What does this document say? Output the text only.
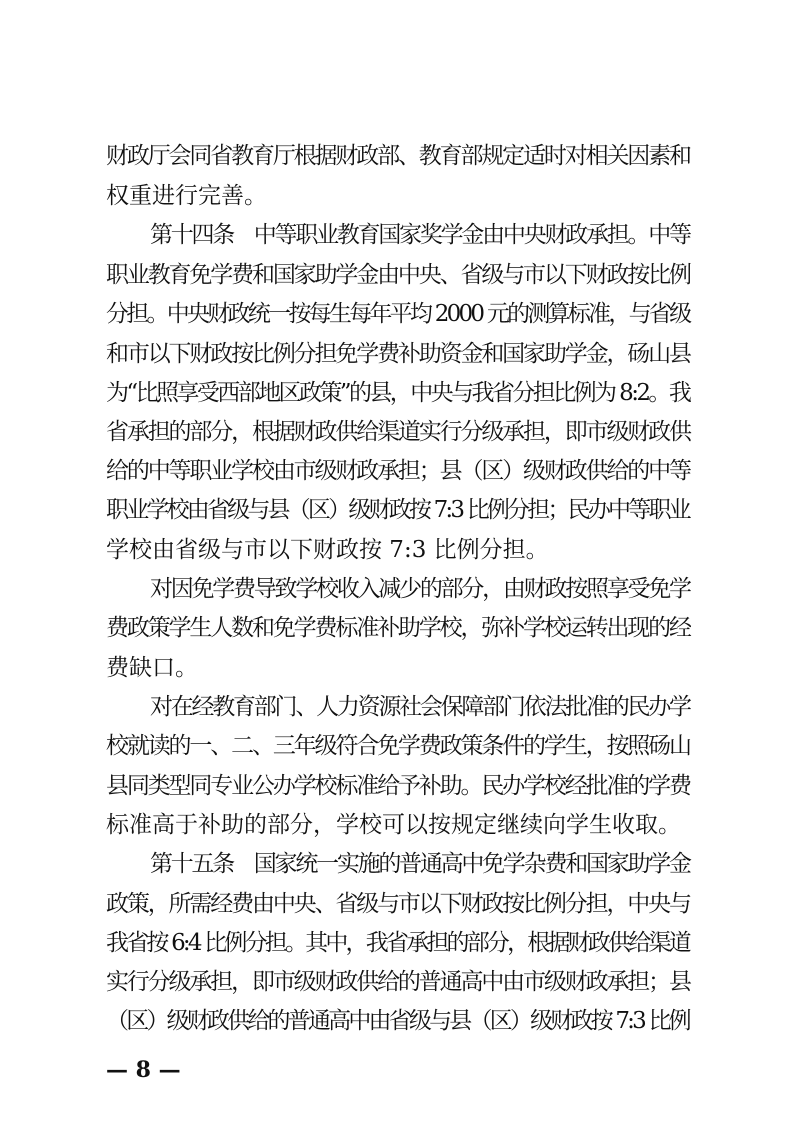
财政厅会同省教育厅根据财政部、教育部规定适时对相关因素和
权重进行完善。
第十四条　中等职业教育国家奖学金由中央财政承担。中等
职业教育免学费和国家助学金由中央、省级与市以下财政按比例
分担。中央财政统一按每生每年平均 2000 元的测算标准，与省级
和市以下财政按比例分担免学费补助资金和国家助学金，砀山县
为“比照享受西部地区政策”的县，中央与我省分担比例为 8:2。我
省承担的部分，根据财政供给渠道实行分级承担，即市级财政供
给的中等职业学校由市级财政承担；县（区）级财政供给的中等
职业学校由省级与县（区）级财政按 7:3 比例分担；民办中等职业
学校由省级与市以下财政按 7:3 比例分担。
对因免学费导致学校收入减少的部分，由财政按照享受免学
费政策学生人数和免学费标准补助学校，弥补学校运转出现的经
费缺口。
对在经教育部门、人力资源社会保障部门依法批准的民办学
校就读的一、二、三年级符合免学费政策条件的学生，按照砀山
县同类型同专业公办学校标准给予补助。民办学校经批准的学费
标准高于补助的部分，学校可以按规定继续向学生收取。
第十五条　国家统一实施的普通高中免学杂费和国家助学金
政策，所需经费由中央、省级与市以下财政按比例分担，中央与
我省按 6:4 比例分担。其中，我省承担的部分，根据财政供给渠道
实行分级承担，即市级财政供给的普通高中由市级财政承担；县
（区）级财政供给的普通高中由省级与县（区）级财政按 7:3 比例
— 8 —
